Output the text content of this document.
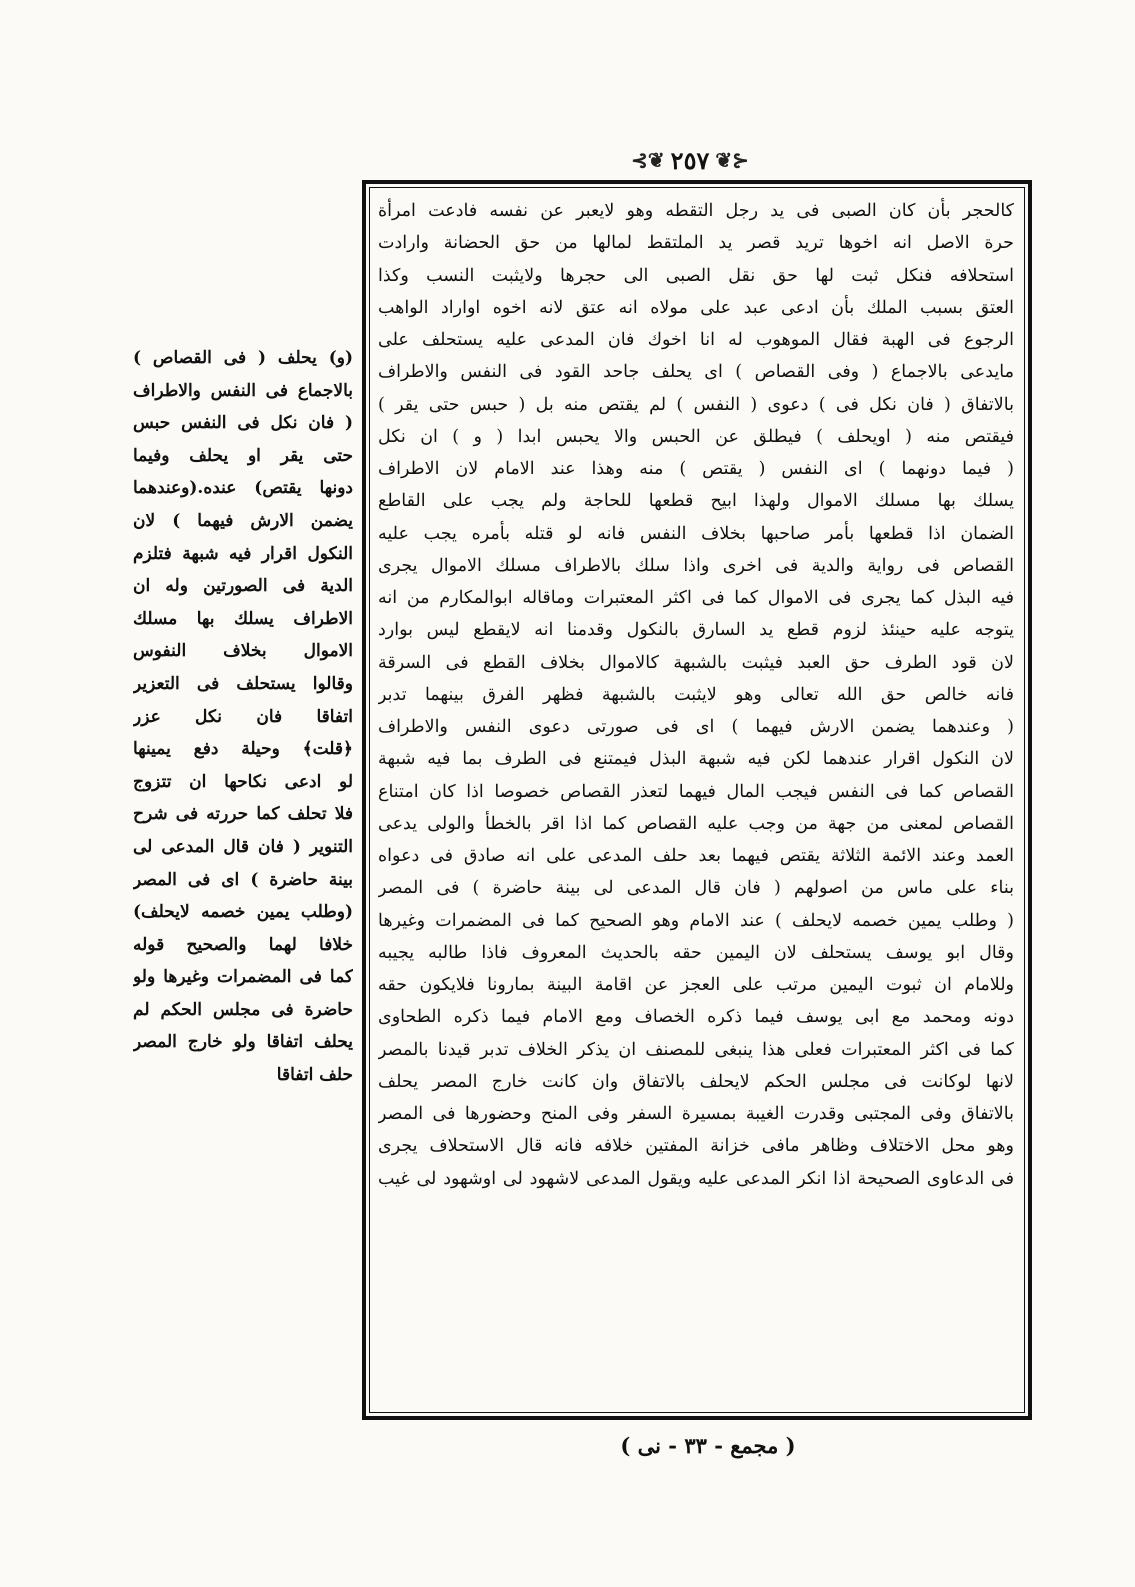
⊰❦
٢٥٧
❦⊱
كالحجر بأن كان الصبى فى يد رجل التقطه وهو لايعبر عن نفسه فادعت امرأة
حرة الاصل انه اخوها تريد قصر يد الملتقط لمالها من حق الحضانة وارادت
استحلافه فنكل ثبت لها حق نقل الصبى الى حجرها ولايثبت النسب وكذا
العتق بسبب الملك بأن ادعى عبد على مولاه انه عتق لانه اخوه اواراد الواهب
الرجوع فى الهبة فقال الموهوب له انا اخوك فان المدعى عليه يستحلف على
مايدعى بالاجماع ( وفى القصاص ) اى يحلف جاحد القود فى النفس والاطراف
بالاتفاق ( فان نكل فى ) دعوى ( النفس ) لم يقتص منه بل ( حبس حتى يقر )
فيقتص منه ( اويحلف ) فيطلق عن الحبس والا يحبس ابدا ( و ) ان نكل
( فيما دونهما ) اى النفس ( يقتص ) منه وهذا عند الامام لان الاطراف
يسلك بها مسلك الاموال ولهذا ابيح قطعها للحاجة ولم يجب على القاطع
الضمان اذا قطعها بأمر صاحبها بخلاف النفس فانه لو قتله بأمره يجب عليه
القصاص فى رواية والدية فى اخرى واذا سلك بالاطراف مسلك الاموال يجرى
فيه البذل كما يجرى فى الاموال كما فى اكثر المعتبرات وماقاله ابوالمكارم من انه
يتوجه عليه حينئذ لزوم قطع يد السارق بالنكول وقدمنا انه لايقطع ليس بوارد
لان قود الطرف حق العبد فيثبت بالشبهة كالاموال بخلاف القطع فى السرقة
فانه خالص حق الله تعالى وهو لايثبت بالشبهة فظهر الفرق بينهما تدبر
( وعندهما يضمن الارش فيهما ) اى فى صورتى دعوى النفس والاطراف
لان النكول اقرار عندهما لكن فيه شبهة البذل فيمتنع فى الطرف بما فيه شبهة
القصاص كما فى النفس فيجب المال فيهما لتعذر القصاص خصوصا اذا كان امتناع
القصاص لمعنى من جهة من وجب عليه القصاص كما اذا اقر بالخطأ والولى يدعى
العمد وعند الائمة الثلاثة يقتص فيهما بعد حلف المدعى على انه صادق فى دعواه
بناء على ماس من اصولهم ( فان قال المدعى لى بينة حاضرة ) فى المصر
( وطلب يمين خصمه لايحلف ) عند الامام وهو الصحيح كما فى المضمرات وغيرها
وقال ابو يوسف يستحلف لان اليمين حقه بالحديث المعروف فاذا طالبه يجيبه
وللامام ان ثبوت اليمين مرتب على العجز عن اقامة البينة بمارونا فلايكون حقه
دونه ومحمد مع ابى يوسف فيما ذكره الخصاف ومع الامام فيما ذكره الطحاوى
كما فى اكثر المعتبرات فعلى هذا ينبغى للمصنف ان يذكر الخلاف تدبر قيدنا بالمصر
لانها لوكانت فى مجلس الحكم لايحلف بالاتفاق وان كانت خارج المصر يحلف
بالاتفاق وفى المجتبى وقدرت الغيبة بمسيرة السفر وفى المنح وحضورها فى المصر
وهو محل الاختلاف وظاهر مافى خزانة المفتين خلافه فانه قال الاستحلاف يجرى
فى الدعاوى الصحيحة اذا انكر المدعى عليه ويقول المدعى لاشهود لى اوشهود لى غيب
(و) يحلف ( فى القصاص )
بالاجماع فى النفس والاطراف
( فان نكل فى النفس حبس
حتى يقر او يحلف وفيما
دونها يقتص) عنده.(وعندهما
يضمن الارش فيهما ) لان
النكول اقرار فيه شبهة فتلزم
الدية فى الصورتين وله ان
الاطراف يسلك بها مسلك
الاموال بخلاف النفوس
وقالوا يستحلف فى التعزير
اتفاقا فان نكل عزر
﴿قلت﴾ وحيلة دفع يمينها
لو ادعى نكاحها ان تتزوج
فلا تحلف كما حررته فى شرح
التنوير ( فان قال المدعى لى
بينة حاضرة ) اى فى المصر
(وطلب يمين خصمه لايحلف)
خلافا لهما والصحيح قوله
كما فى المضمرات وغيرها ولو
حاضرة فى مجلس الحكم لم
يحلف اتفاقا ولو خارج المصر
حلف اتفاقا
( مجمع - ٣٣ - نى )
